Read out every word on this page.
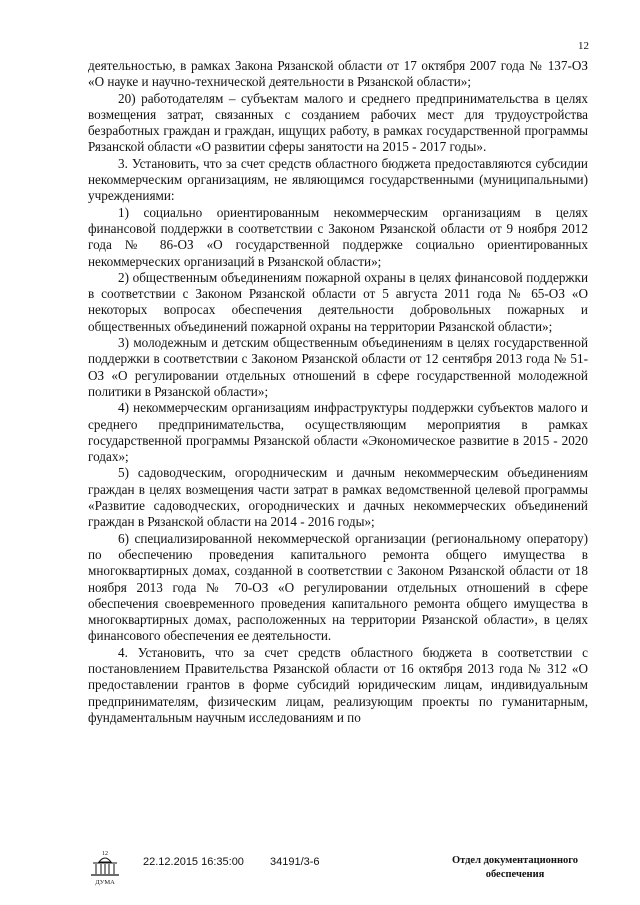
12

деятельностью, в рамках Закона Рязанской области от 17 октября 2007 года № 137-ОЗ «О науке и научно-технической деятельности в Рязанской области»;

20) работодателям – субъектам малого и среднего предпринимательства в целях возмещения затрат, связанных с созданием рабочих мест для трудоустройства безработных граждан и граждан, ищущих работу, в рамках государственной программы Рязанской области «О развитии сферы занятости на 2015 - 2017 годы».

3. Установить, что за счет средств областного бюджета предоставляются субсидии некоммерческим организациям, не являющимся государственными (муниципальными) учреждениями:

1) социально ориентированным некоммерческим организациям в целях финансовой поддержки в соответствии с Законом Рязанской области от 9 ноября 2012 года № 86-ОЗ «О государственной поддержке социально ориентированных некоммерческих организаций в Рязанской области»;

2) общественным объединениям пожарной охраны в целях финансовой поддержки в соответствии с Законом Рязанской области от 5 августа 2011 года № 65-ОЗ «О некоторых вопросах обеспечения деятельности добровольных пожарных и общественных объединений пожарной охраны на территории Рязанской области»;

3) молодежным и детским общественным объединениям в целях государственной поддержки в соответствии с Законом Рязанской области от 12 сентября 2013 года № 51-ОЗ «О регулировании отдельных отношений в сфере государственной молодежной политики в Рязанской области»;

4) некоммерческим организациям инфраструктуры поддержки субъектов малого и среднего предпринимательства, осуществляющим мероприятия в рамках государственной программы Рязанской области «Экономическое развитие в 2015 - 2020 годах»;

5) садоводческим, огородническим и дачным некоммерческим объединениям граждан в целях возмещения части затрат в рамках ведомственной целевой программы «Развитие садоводческих, огороднических и дачных некоммерческих объединений граждан в Рязанской области на 2014 - 2016 годы»;

6) специализированной некоммерческой организации (региональному оператору) по обеспечению проведения капитального ремонта общего имущества в многоквартирных домах, созданной в соответствии с Законом Рязанской области от 18 ноября 2013 года № 70-ОЗ «О регулировании отдельных отношений в сфере обеспечения своевременного проведения капитального ремонта общего имущества в многоквартирных домах, расположенных на территории Рязанской области», в целях финансового обеспечения ее деятельности.

4. Установить, что за счет средств областного бюджета в соответствии с постановлением Правительства Рязанской области от 16 октября 2013 года № 312 «О предоставлении грантов в форме субсидий юридическим лицам, индивидуальным предпринимателям, физическим лицам, реализующим проекты по гуманитарным, фундаментальным научным исследованиям и по

12
ДУМА
22.12.2015 16:35:00 34191/3-6	Отдел документационного
обеспечения
